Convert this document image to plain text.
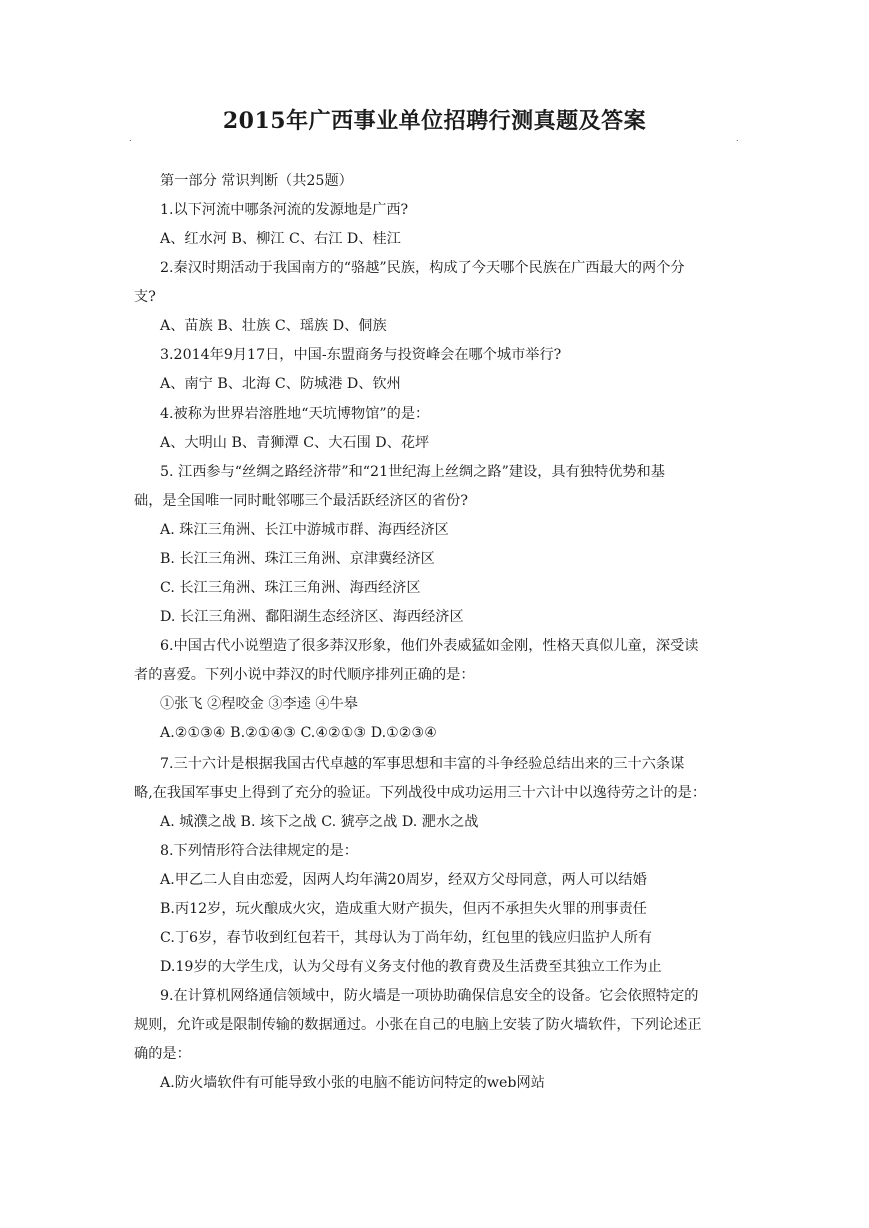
2015年广西事业单位招聘行测真题及答案
.	.
第一部分 常识判断（共25题）
1.以下河流中哪条河流的发源地是广西?
A、红水河 B、柳江 C、右江 D、桂江
2.秦汉时期活动于我国南方的“骆越”民族，构成了今天哪个民族在广西最大的两个分
支?
A、苗族 B、壮族 C、瑶族 D、侗族
3.2014年9月17日，中国-东盟商务与投资峰会在哪个城市举行?
A、南宁 B、北海 C、防城港 D、钦州
4.被称为世界岩溶胜地“天坑博物馆”的是：
A、大明山 B、青狮潭 C、大石围 D、花坪
5. 江西参与“丝绸之路经济带”和“21世纪海上丝绸之路”建设，具有独特优势和基
础，是全国唯一同时毗邻哪三个最活跃经济区的省份?
A. 珠江三角洲、长江中游城市群、海西经济区
B. 长江三角洲、珠江三角洲、京津冀经济区
C. 长江三角洲、珠江三角洲、海西经济区
D. 长江三角洲、鄱阳湖生态经济区、海西经济区
6.中国古代小说塑造了很多莽汉形象，他们外表威猛如金刚，性格天真似儿童，深受读
者的喜爱。下列小说中莽汉的时代顺序排列正确的是：
①张飞 ②程咬金 ③李逵 ④牛皋
A.②①③④ B.②①④③ C.④②①③ D.①②③④
7.三十六计是根据我国古代卓越的军事思想和丰富的斗争经验总结出来的三十六条谋
略,在我国军事史上得到了充分的验证。下列战役中成功运用三十六计中以逸待劳之计的是：
A. 城濮之战 B. 垓下之战 C. 猇亭之战 D. 淝水之战
8.下列情形符合法律规定的是：
A.甲乙二人自由恋爱，因两人均年满20周岁，经双方父母同意，两人可以结婚
B.丙12岁，玩火酿成火灾，造成重大财产损失，但丙不承担失火罪的刑事责任
C.丁6岁，春节收到红包若干，其母认为丁尚年幼，红包里的钱应归监护人所有
D.19岁的大学生戊，认为父母有义务支付他的教育费及生活费至其独立工作为止
9.在计算机网络通信领域中，防火墙是一项协助确保信息安全的设备。它会依照特定的
规则，允许或是限制传输的数据通过。小张在自己的电脑上安装了防火墙软件，下列论述正
确的是：
A.防火墙软件有可能导致小张的电脑不能访问特定的web网站
